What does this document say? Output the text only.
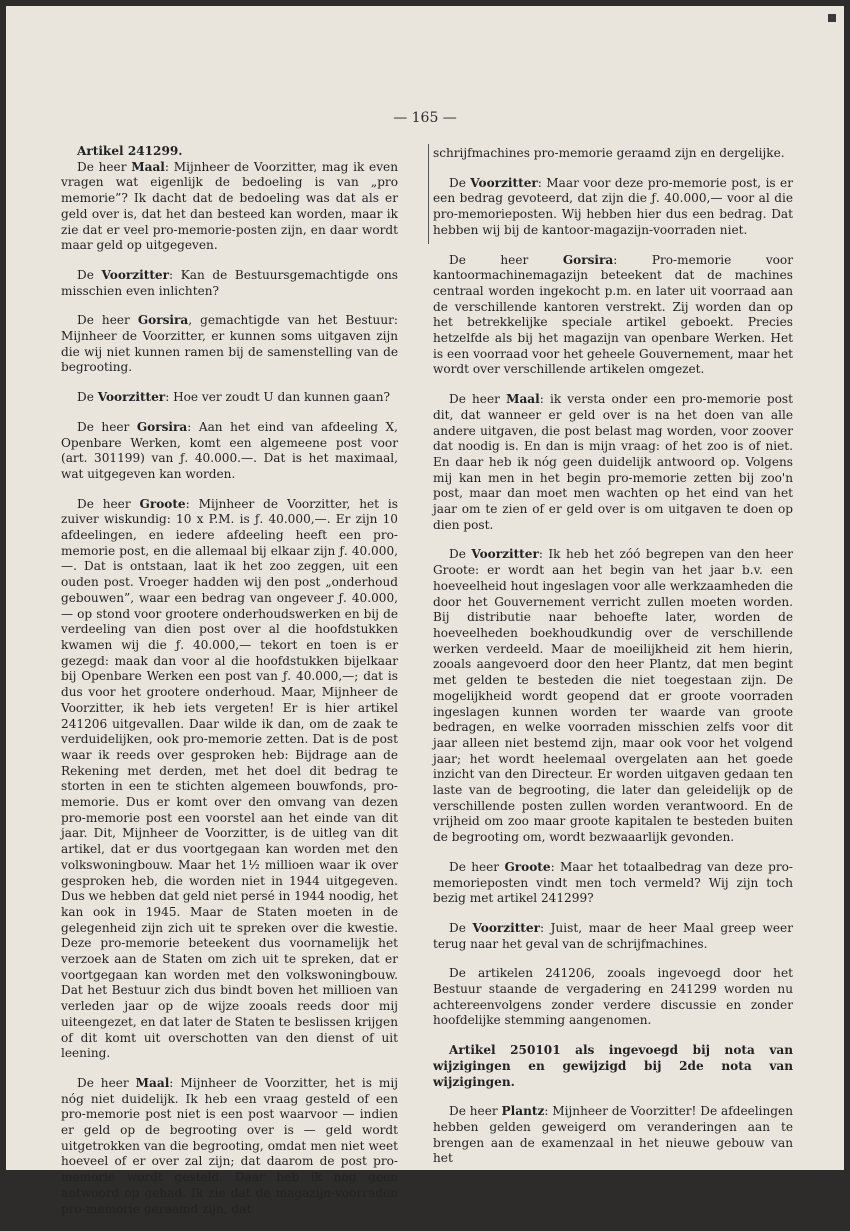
— 165 —

Artikel 241299.

De heer Maal: Mijnheer de Voorzitter, mag ik even vragen wat eigenlijk de bedoeling is van „pro memorie”? Ik dacht dat de bedoeling was dat als er geld over is, dat het dan besteed kan worden, maar ik zie dat er veel pro-memorie-posten zijn, en daar wordt maar geld op uitgegeven.

De Voorzitter: Kan de Bestuursgemachtigde ons misschien even inlichten?

De heer Gorsira, gemachtigde van het Bestuur: Mijnheer de Voorzitter, er kunnen soms uitgaven zijn die wij niet kunnen ramen bij de samenstelling van de begrooting.

De Voorzitter: Hoe ver zoudt U dan kunnen gaan?

De heer Gorsira: Aan het eind van afdeeling X, Openbare Werken, komt een algemeene post voor (art. 301199) van ƒ. 40.000.—. Dat is het maximaal, wat uitgegeven kan worden.

De heer Groote: Mijnheer de Voorzitter, het is zuiver wiskundig: 10 x P.M. is ƒ. 40.000,—. Er zijn 10 afdeelingen, en iedere afdeeling heeft een pro-memorie post, en die allemaal bij elkaar zijn ƒ. 40.000,—. Dat is ontstaan, laat ik het zoo zeggen, uit een ouden post. Vroeger hadden wij den post „onderhoud gebouwen”, waar een bedrag van ongeveer ƒ. 40.000,— op stond voor grootere onderhoudswerken en bij de verdeeling van dien post over al die hoofdstukken kwamen wij die ƒ. 40.000,— tekort en toen is er gezegd: maak dan voor al die hoofdstukken bijelkaar bij Openbare Werken een post van ƒ. 40.000,—; dat is dus voor het grootere onderhoud. Maar, Mijnheer de Voorzitter, ik heb iets vergeten! Er is hier artikel 241206 uitgevallen. Daar wilde ik dan, om de zaak te verduidelijken, ook pro-memorie zetten. Dat is de post waar ik reeds over gesproken heb: Bijdrage aan de Rekening met derden, met het doel dit bedrag te storten in een te stichten algemeen bouwfonds, pro-memorie. Dus er komt over den omvang van dezen pro-memorie post een voorstel aan het einde van dit jaar. Dit, Mijnheer de Voorzitter, is de uitleg van dit artikel, dat er dus voortgegaan kan worden met den volkswoningbouw. Maar het 1½ millioen waar ik over gesproken heb, die worden niet in 1944 uitgegeven. Dus we hebben dat geld niet persé in 1944 noodig, het kan ook in 1945. Maar de Staten moeten in de gelegenheid zijn zich uit te spreken over die kwestie. Deze pro-memorie beteekent dus voornamelijk het verzoek aan de Staten om zich uit te spreken, dat er voortgegaan kan worden met den volkswoningbouw. Dat het Bestuur zich dus bindt boven het millioen van verleden jaar op de wijze zooals reeds door mij uiteengezet, en dat later de Staten te beslissen krijgen of dit komt uit overschotten van den dienst of uit leening.

De heer Maal: Mijnheer de Voorzitter, het is mij nóg niet duidelijk. Ik heb een vraag gesteld of een pro-memorie post niet is een post waarvoor — indien er geld op de begrooting over is — geld wordt uitgetrokken van die begrooting, omdat men niet weet hoeveel of er over zal zijn; dat daarom de post pro-memorie wordt gesteld. Daar heb ik nog geen antwoord op gehad. Ik zie dat de magazijn-voorraden pro-memorie geraamd zijn, dat

schrijfmachines pro-memorie geraamd zijn en dergelijke.

De Voorzitter: Maar voor deze pro-memorie post, is er een bedrag gevoteerd, dat zijn die ƒ. 40.000,— voor al die pro-memorieposten. Wij hebben hier dus een bedrag. Dat hebben wij bij de kantoor-magazijn-voorraden niet.

De heer Gorsira: Pro-memorie voor kantoormachinemagazijn beteekent dat de machines centraal worden ingekocht p.m. en later uit voorraad aan de verschillende kantoren verstrekt. Zij worden dan op het betrekkelijke speciale artikel geboekt. Precies hetzelfde als bij het magazijn van openbare Werken. Het is een voorraad voor het geheele Gouvernement, maar het wordt over verschillende artikelen omgezet.

De heer Maal: ik versta onder een pro-memorie post dit, dat wanneer er geld over is na het doen van alle andere uitgaven, die post belast mag worden, voor zoover dat noodig is. En dan is mijn vraag: of het zoo is of niet. En daar heb ik nóg geen duidelijk antwoord op. Volgens mij kan men in het begin pro-memorie zetten bij zoo'n post, maar dan moet men wachten op het eind van het jaar om te zien of er geld over is om uitgaven te doen op dien post.

De Voorzitter: Ik heb het zóó begrepen van den heer Groote: er wordt aan het begin van het jaar b.v. een hoeveelheid hout ingeslagen voor alle werkzaamheden die door het Gouvernement verricht zullen moeten worden. Bij distributie naar behoefte later, worden de hoeveelheden boekhoudkundig over de verschillende werken verdeeld. Maar de moeilijkheid zit hem hierin, zooals aangevoerd door den heer Plantz, dat men begint met gelden te besteden die niet toegestaan zijn. De mogelijkheid wordt geopend dat er groote voorraden ingeslagen kunnen worden ter waarde van groote bedragen, en welke voorraden misschien zelfs voor dit jaar alleen niet bestemd zijn, maar ook voor het volgend jaar; het wordt heelemaal overgelaten aan het goede inzicht van den Directeur. Er worden uitgaven gedaan ten laste van de begrooting, die later dan geleidelijk op de verschillende posten zullen worden verantwoord. En de vrijheid om zoo maar groote kapitalen te besteden buiten de begrooting om, wordt bezwaaarlijk gevonden.

De heer Groote: Maar het totaalbedrag van deze pro-memorieposten vindt men toch vermeld? Wij zijn toch bezig met artikel 241299?

De Voorzitter: Juist, maar de heer Maal greep weer terug naar het geval van de schrijfmachines.

De artikelen 241206, zooals ingevoegd door het Bestuur staande de vergadering en 241299 worden nu achtereenvolgens zonder verdere discussie en zonder hoofdelijke stemming aangenomen.

Artikel 250101 als ingevoegd bij nota van wijzigingen en gewijzigd bij 2de nota van wijzigingen.

De heer Plantz: Mijnheer de Voorzitter! De afdeelingen hebben gelden geweigerd om veranderingen aan te brengen aan de examenzaal in het nieuwe gebouw van het
